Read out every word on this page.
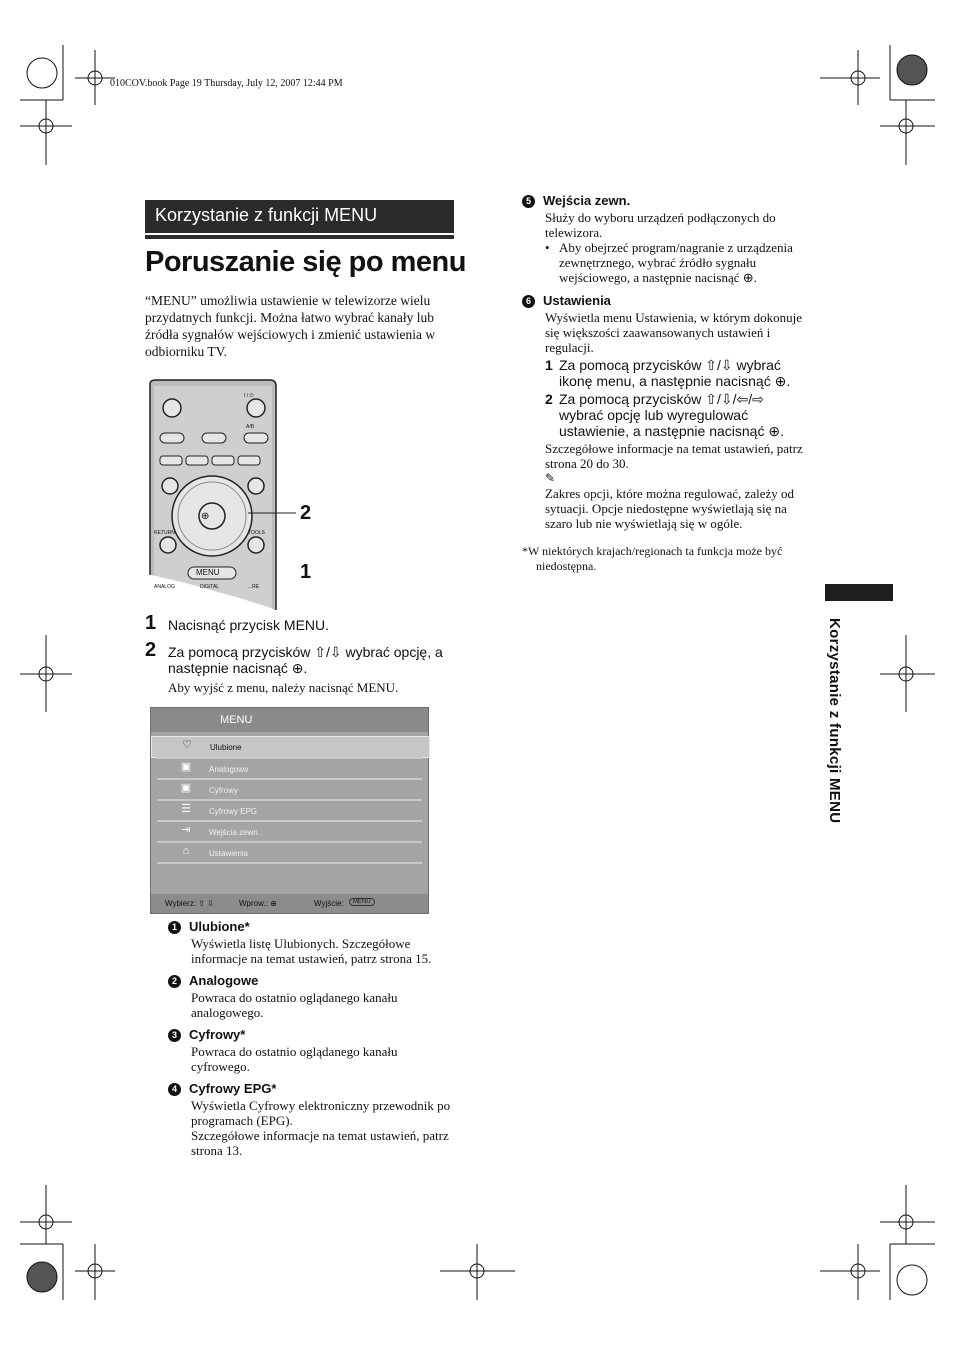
010COV.book Page 19 Thursday, July 12, 2007 12:44 PM
Korzystanie z funkcji MENU
Poruszanie się po menu
“MENU” umożliwia ustawienie w telewizorze wielu przydatnych funkcji. Można łatwo wybrać kanały lub źródła sygnałów wejściowych i zmienić ustawienia w odbiorniku TV.
RETURN	TOOLS
MENU
A/B
I / ⏻
ANALOG	DIGITAL	...RE
⊕	2
1
1 Nacisnąć przycisk MENU.
2 Za pomocą przycisków ⇧/⇩ wybrać opcję, a następnie nacisnąć ⊕.
Aby wyjść z menu, należy nacisnąć MENU.
MENU
♡ Ulubione
▣ Analogowe
▣ Cyfrowy
☰ Cyfrowy EPG
⇥ Wejścia zewn.
⌂	Ustawienia
Wybierz: ⇧ ⇩	Wprow.: ⊕	Wyjście:	MENU
1 Ulubione*
Wyświetla listę Ulubionych. Szczegółowe informacje na temat ustawień, patrz strona 15.
2 Analogowe
Powraca do ostatnio oglądanego kanału analogowego.
3 Cyfrowy*
Powraca do ostatnio oglądanego kanału cyfrowego.
4 Cyfrowy EPG*
Wyświetla Cyfrowy elektroniczny przewodnik po programach (EPG).
Szczegółowe informacje na temat ustawień, patrz strona 13.
5 Wejścia zewn.
Służy do wyboru urządzeń podłączonych do telewizora.
• Aby obejrzeć program/nagranie z urządzenia zewnętrznego, wybrać źródło sygnału wejściowego, a następnie nacisnąć ⊕.
6 Ustawienia
Wyświetla menu Ustawienia, w którym dokonuje się większości zaawansowanych ustawień i regulacji.
1 Za pomocą przycisków ⇧/⇩ wybrać ikonę menu, a następnie nacisnąć ⊕.
2 Za pomocą przycisków ⇧/⇩/⇦/⇨ wybrać opcję lub wyregulować ustawienie, a następnie nacisnąć ⊕.
Szczegółowe informacje na temat ustawień, patrz strona 20 do 30.
✎
Zakres opcji, które można regulować, zależy od sytuacji. Opcje niedostępne wyświetlają się na szaro lub nie wyświetlają się w ogóle.
*W niektórych krajach/regionach ta funkcja może być niedostępna.
Korzystanie z funkcji MENU
